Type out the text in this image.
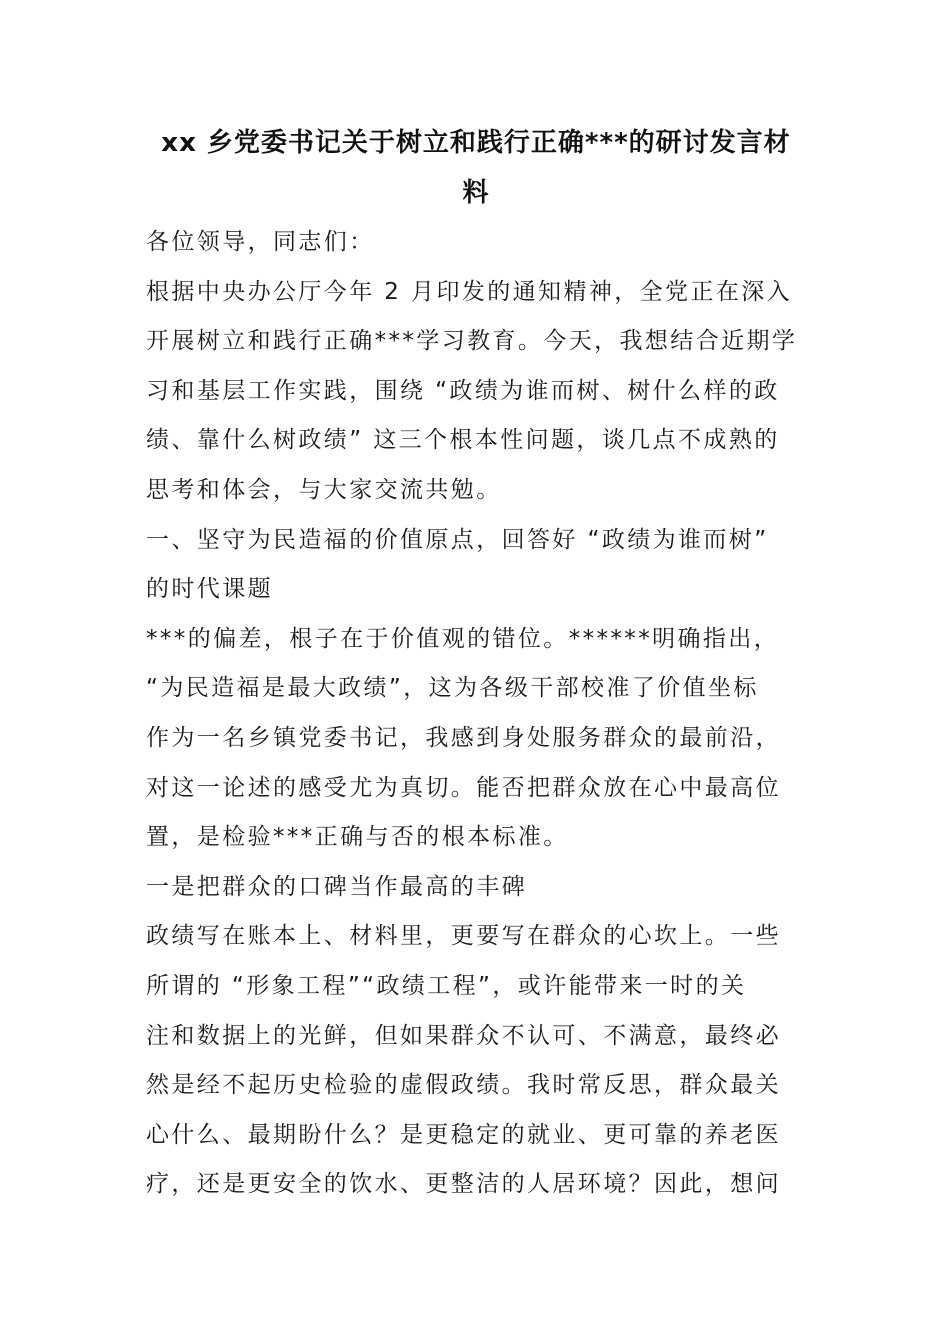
xx 乡党委书记关于树立和践行正确***的研讨发言材
料
各位领导，同志们：
根据中央办公厅今年 2 月印发的通知精神，全党正在深入
开展树立和践行正确***学习教育。今天，我想结合近期学
习和基层工作实践，围绕 “政绩为谁而树、树什么样的政
绩、靠什么树政绩” 这三个根本性问题，谈几点不成熟的
思考和体会，与大家交流共勉。
一、坚守为民造福的价值原点，回答好 “政绩为谁而树”
的时代课题
***的偏差，根子在于价值观的错位。******明确指出，
“为民造福是最大政绩”，这为各级干部校准了价值坐标
作为一名乡镇党委书记，我感到身处服务群众的最前沿，
对这一论述的感受尤为真切。能否把群众放在心中最高位
置，是检验***正确与否的根本标准。
一是把群众的口碑当作最高的丰碑
政绩写在账本上、材料里，更要写在群众的心坎上。一些
所谓的 “形象工程”“政绩工程”，或许能带来一时的关
注和数据上的光鲜，但如果群众不认可、不满意，最终必
然是经不起历史检验的虚假政绩。我时常反思，群众最关
心什么、最期盼什么？是更稳定的就业、更可靠的养老医
疗，还是更安全的饮水、更整洁的人居环境？因此，想问
